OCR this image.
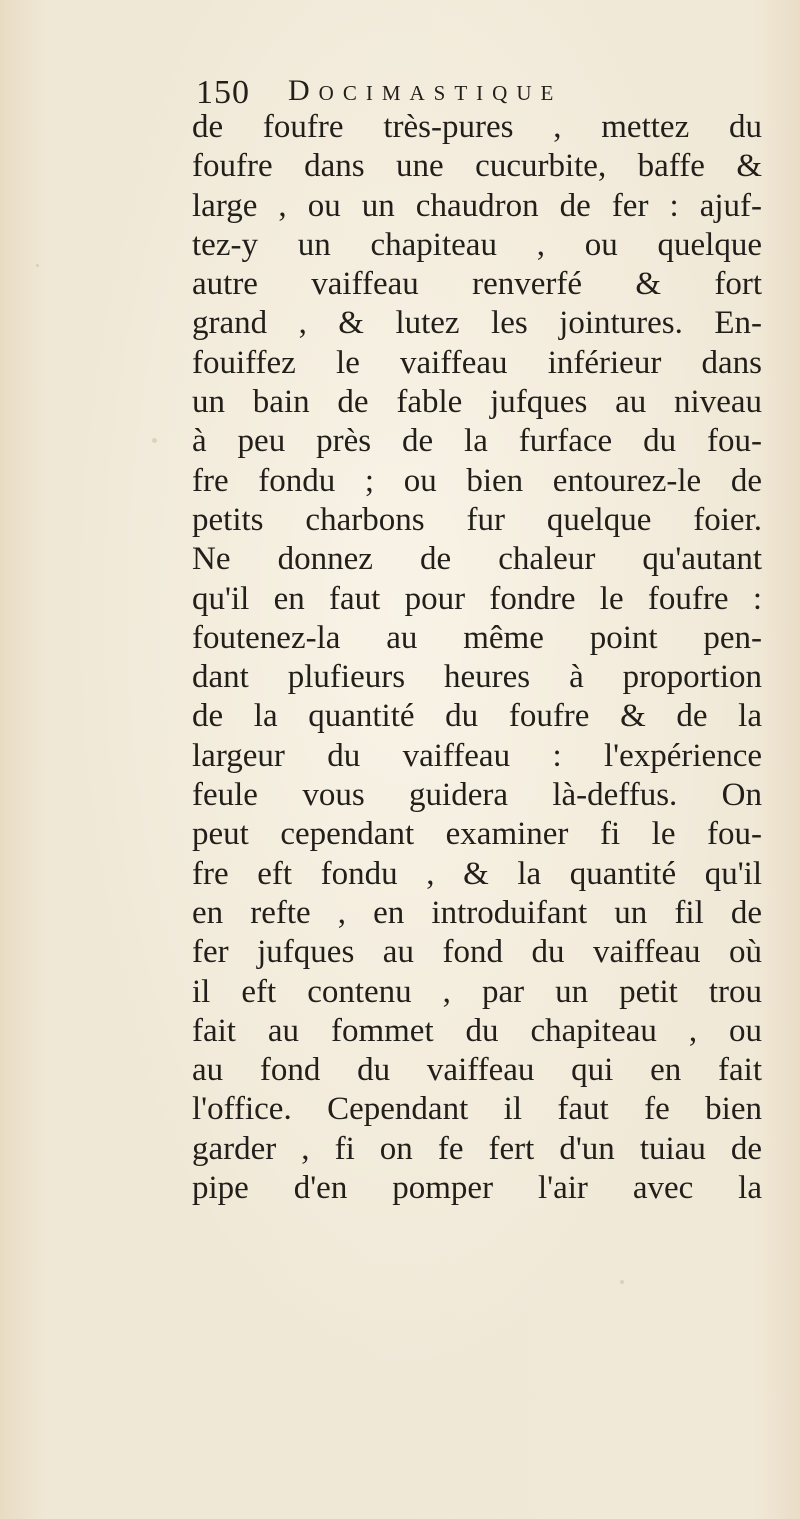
150 Docimastique
de foufre très-pures , mettez du
foufre dans une cucurbite, baffe &
large , ou un chaudron de fer : ajuf-
tez-y un chapiteau , ou quelque
autre vaiffeau renverfé & fort
grand , & lutez les jointures. En-
fouiffez le vaiffeau inférieur dans
un bain de fable jufques au niveau
à peu près de la furface du fou-
fre fondu ; ou bien entourez-le de
petits charbons fur quelque foier.
Ne donnez de chaleur qu'autant
qu'il en faut pour fondre le foufre :
foutenez-la au même point pen-
dant plufieurs heures à proportion
de la quantité du foufre & de la
largeur du vaiffeau : l'expérience
feule vous guidera là-deffus. On
peut cependant examiner fi le fou-
fre eft fondu , & la quantité qu'il
en refte , en introduifant un fil de
fer jufques au fond du vaiffeau où
il eft contenu , par un petit trou
fait au fommet du chapiteau , ou
au fond du vaiffeau qui en fait
l'office. Cependant il faut fe bien
garder , fi on fe fert d'un tuiau de
pipe d'en pomper l'air avec la
